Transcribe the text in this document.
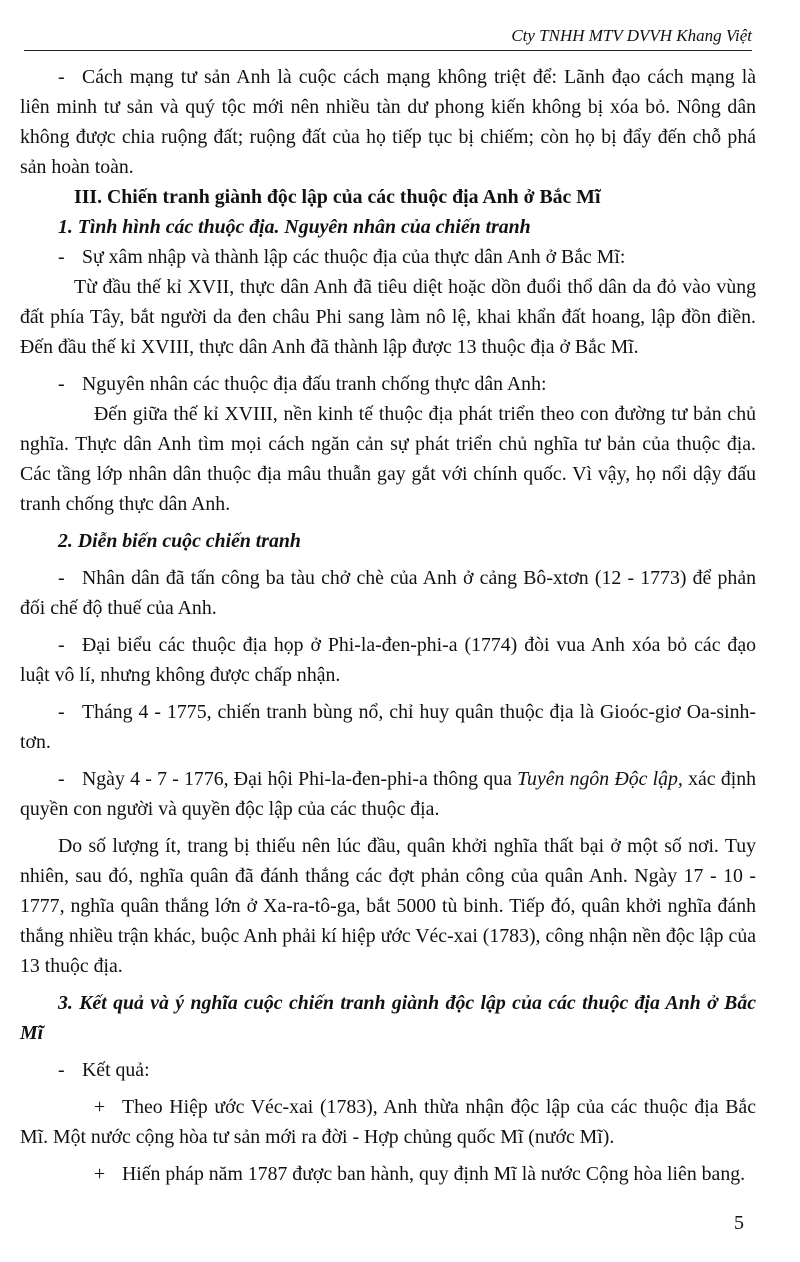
Cty TNHH MTV DVVH Khang Việt

- Cách mạng tư sản Anh là cuộc cách mạng không triệt để: Lãnh đạo cách mạng là liên minh tư sản và quý tộc mới nên nhiều tàn dư phong kiến không bị xóa bỏ. Nông dân không được chia ruộng đất; ruộng đất của họ tiếp tục bị chiếm; còn họ bị đẩy đến chỗ phá sản hoàn toàn.

III. Chiến tranh giành độc lập của các thuộc địa Anh ở Bắc Mĩ

1. Tình hình các thuộc địa. Nguyên nhân của chiến tranh

- Sự xâm nhập và thành lập các thuộc địa của thực dân Anh ở Bắc Mĩ:

Từ đầu thế kỉ XVII, thực dân Anh đã tiêu diệt hoặc dồn đuổi thổ dân da đỏ vào vùng đất phía Tây, bắt người da đen châu Phi sang làm nô lệ, khai khẩn đất hoang, lập đồn điền. Đến đầu thế kỉ XVIII, thực dân Anh đã thành lập được 13 thuộc địa ở Bắc Mĩ.

- Nguyên nhân các thuộc địa đấu tranh chống thực dân Anh:

Đến giữa thế kỉ XVIII, nền kinh tế thuộc địa phát triển theo con đường tư bản chủ nghĩa. Thực dân Anh tìm mọi cách ngăn cản sự phát triển chủ nghĩa tư bản của thuộc địa. Các tầng lớp nhân dân thuộc địa mâu thuẫn gay gắt với chính quốc. Vì vậy, họ nổi dậy đấu tranh chống thực dân Anh.

2. Diễn biến cuộc chiến tranh

- Nhân dân đã tấn công ba tàu chở chè của Anh ở cảng Bô-xtơn (12 - 1773) để phản đối chế độ thuế của Anh.

- Đại biểu các thuộc địa họp ở Phi-la-đen-phi-a (1774) đòi vua Anh xóa bỏ các đạo luật vô lí, nhưng không được chấp nhận.

- Tháng 4 - 1775, chiến tranh bùng nổ, chỉ huy quân thuộc địa là Gioóc-giơ Oa-sinh-tơn.

- Ngày 4 - 7 - 1776, Đại hội Phi-la-đen-phi-a thông qua Tuyên ngôn Độc lập, xác định quyền con người và quyền độc lập của các thuộc địa.

Do số lượng ít, trang bị thiếu nên lúc đầu, quân khởi nghĩa thất bại ở một số nơi. Tuy nhiên, sau đó, nghĩa quân đã đánh thắng các đợt phản công của quân Anh. Ngày 17 - 10 - 1777, nghĩa quân thắng lớn ở Xa-ra-tô-ga, bắt 5000 tù binh. Tiếp đó, quân khởi nghĩa đánh thắng nhiều trận khác, buộc Anh phải kí hiệp ước Véc-xai (1783), công nhận nền độc lập của 13 thuộc địa.

3. Kết quả và ý nghĩa cuộc chiến tranh giành độc lập của các thuộc địa Anh ở Bắc Mĩ

- Kết quả:

+ Theo Hiệp ước Véc-xai (1783), Anh thừa nhận độc lập của các thuộc địa Bắc Mĩ. Một nước cộng hòa tư sản mới ra đời - Hợp chủng quốc Mĩ (nước Mĩ).

+ Hiến pháp năm 1787 được ban hành, quy định Mĩ là nước Cộng hòa liên bang.

5
